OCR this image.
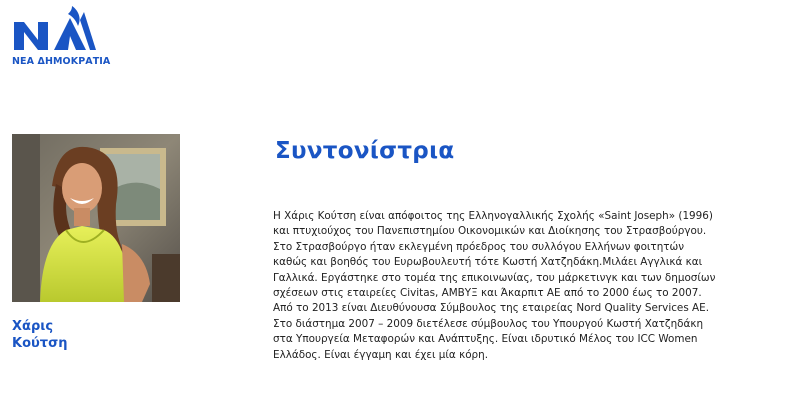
ΝΕΑ ΔΗΜΟΚΡΑΤΙΑ
Χάρις
Κούτση
Συντονίστρια
Η Χάρις Κούτση είναι απόφοιτος της Ελληνογαλλικής Σχολής «Saint Joseph» (1996)
και πτυχιούχος του Πανεπιστημίου Οικονομικών και Διοίκησης του Στρασβούργου.
Στο Στρασβούργο ήταν εκλεγμένη πρόεδρος του συλλόγου Ελλήνων φοιτητών
καθώς και βοηθός του Ευρωβουλευτή τότε Κωστή Χατζηδάκη.Μιλάει Αγγλικά και
Γαλλικά. Εργάστηκε στο τομέα της επικοινωνίας, του μάρκετινγκ και των δημοσίων
σχέσεων στις εταιρείες Civitas, ΑΜΒΥΞ και Άκαρπιτ ΑΕ από το 2000 έως το 2007.
Από το 2013 είναι Διευθύνουσα Σύμβουλος της εταιρείας Nord Quality Services AE.
Στο διάστημα 2007 – 2009 διετέλεσε σύμβουλος του Υπουργού Κωστή Χατζηδάκη
στα Υπουργεία Μεταφορών και Ανάπτυξης. Είναι ιδρυτικό Μέλος του ICC Women
Ελλάδος. Είναι έγγαμη και έχει μία κόρη.
